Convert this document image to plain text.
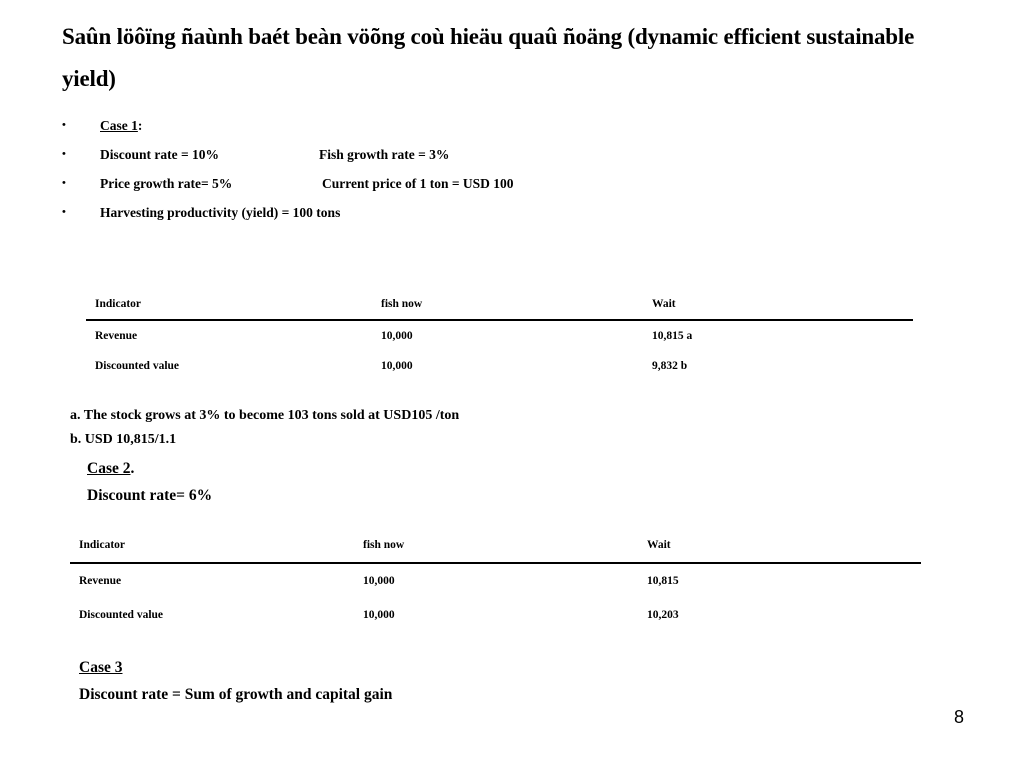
Saûn löôïng ñaùnh baét beàn vöõng coù hieäu quaû ñoäng (dynamic efficient sustainable yield)
•	Case 1:
•	Discount rate = 10%	Fish growth rate = 3%
•	Price growth rate= 5%	Current price of 1 ton = USD 100
•	Harvesting productivity (yield) = 100 tons
Indicator	fish now	Wait
Revenue	10,000	10,815 a
Discounted value	10,000	9,832 b
a. The stock grows at 3% to become 103 tons sold at USD105 /ton
b. USD 10,815/1.1
Case 2.
Discount rate= 6%
Indicator	fish now	Wait
Revenue	10,000	10,815
Discounted value	10,000	10,203
Case 3
Discount rate = Sum of growth and capital gain
8
